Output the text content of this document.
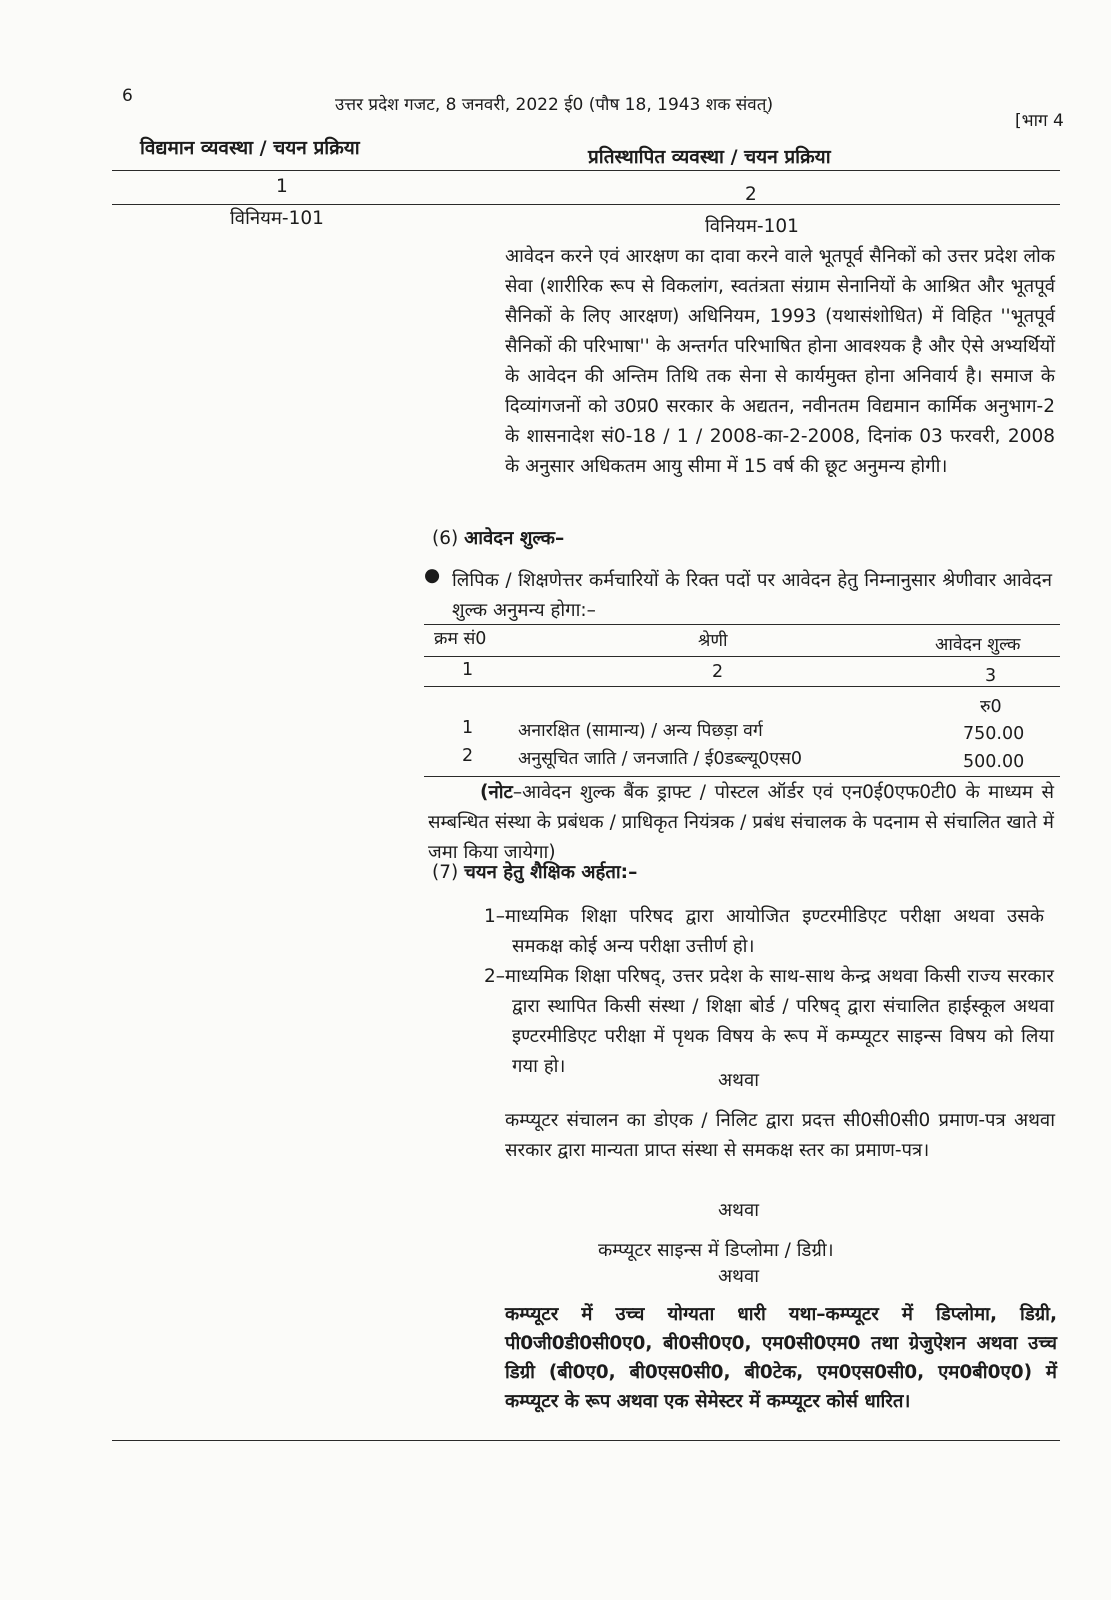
6	उत्तर प्रदेश गजट, 8 जनवरी, 2022 ई0 (पौष 18, 1943 शक संवत्)
[भाग 4
विद्यमान व्यवस्था / चयन प्रक्रिया	प्रतिस्थापित व्यवस्था / चयन प्रक्रिया
1	2
विनियम-101	विनियम-101
आवेदन करने एवं आरक्षण का दावा करने वाले भूतपूर्व सैनिकों को उत्तर प्रदेश लोक सेवा (शारीरिक रूप से विकलांग, स्वतंत्रता संग्राम सेनानियों के आश्रित और भूतपूर्व सैनिकों के लिए आरक्षण) अधिनियम, 1993 (यथासंशोधित) में विहित ''भूतपूर्व सैनिकों की परिभाषा'' के अन्तर्गत परिभाषित होना आवश्यक है और ऐसे अभ्यर्थियों के आवेदन की अन्तिम तिथि तक सेना से कार्यमुक्त होना अनिवार्य है। समाज के दिव्यांगजनों को उ0प्र0 सरकार के अद्यतन, नवीनतम विद्यमान कार्मिक अनुभाग-2 के शासनादेश सं0-18 / 1 / 2008-का-2-2008, दिनांक 03 फरवरी, 2008 के अनुसार अधिकतम आयु सीमा में 15 वर्ष की छूट अनुमन्य होगी।
(6) आवेदन शुल्क–
● लिपिक / शिक्षणेत्तर कर्मचारियों के रिक्त पदों पर आवेदन हेतु निम्नानुसार श्रेणीवार आवेदन शुल्क अनुमन्य होगा:–
क्रम सं0	श्रेणी	आवेदन शुल्क
1	2	3
रु0
1	अनारक्षित (सामान्य) / अन्य पिछड़ा वर्ग	750.00
2	अनुसूचित जाति / जनजाति / ई0डब्ल्यू0एस0	500.00
(नोट–आवेदन शुल्क बैंक ड्राफ्ट / पोस्टल ऑर्डर एवं एन0ई0एफ0टी0 के माध्यम से सम्बन्धित संस्था के प्रबंधक / प्राधिकृत नियंत्रक / प्रबंध संचालक के पदनाम से संचालित खाते में जमा किया जायेगा)
(7) चयन हेतु शैक्षिक अर्हता:–
1–माध्यमिक शिक्षा परिषद द्वारा आयोजित इण्टरमीडिएट परीक्षा अथवा उसके समकक्ष कोई अन्य परीक्षा उत्तीर्ण हो।
2–माध्यमिक शिक्षा परिषद्, उत्तर प्रदेश के साथ-साथ केन्द्र अथवा किसी राज्य सरकार द्वारा स्थापित किसी संस्था / शिक्षा बोर्ड / परिषद् द्वारा संचालित हाईस्कूल अथवा इण्टरमीडिएट परीक्षा में पृथक विषय के रूप में कम्प्यूटर साइन्स विषय को लिया गया हो।
अथवा
कम्प्यूटर संचालन का डोएक / निलिट द्वारा प्रदत्त सी0सी0सी0 प्रमाण-पत्र अथवा सरकार द्वारा मान्यता प्राप्त संस्था से समकक्ष स्तर का प्रमाण-पत्र।
अथवा
कम्प्यूटर साइन्स में डिप्लोमा / डिग्री।
अथवा
कम्प्यूटर में उच्च योग्यता धारी यथा–कम्प्यूटर में डिप्लोमा, डिग्री, पी0जी0डी0सी0ए0, बी0सी0ए0, एम0सी0एम0 तथा ग्रेजुऐशन अथवा उच्च डिग्री (बी0ए0, बी0एस0सी0, बी0टेक, एम0एस0सी0, एम0बी0ए0) में कम्प्यूटर के रूप अथवा एक सेमेस्टर में कम्प्यूटर कोर्स धारित।
